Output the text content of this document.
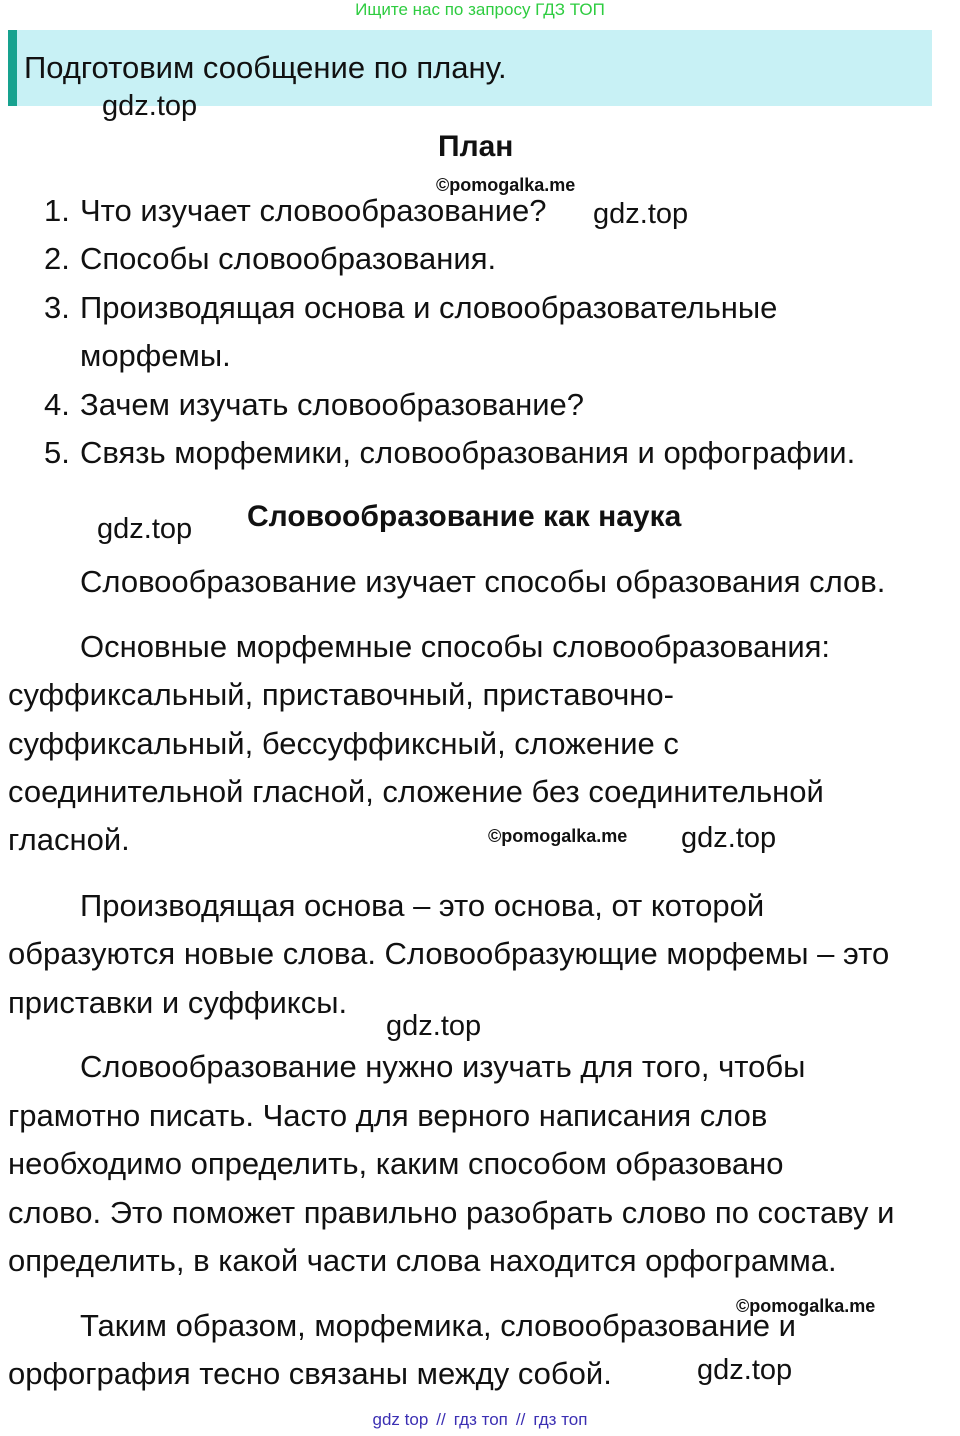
Ищите нас по запросу ГДЗ ТОП
Подготовим сообщение по плану.
gdz.top
План
©pomogalka.me
1. Что изучает словообразование? gdz.top
2. Способы словообразования.
3. Производящая основа и словообразовательные
морфемы.
4. Зачем изучать словообразование?
5. Связь морфемики, словообразования и орфографии.
gdz.top Словообразование как наука
Словообразование изучает способы образования слов.
Основные морфемные способы словообразования:
суффиксальный, приставочный, приставочно-
суффиксальный, бессуффиксный, сложение с
соединительной гласной, сложение без соединительной
гласной.	©pomogalka.me gdz.top
Производящая основа – это основа, от которой
образуются новые слова. Словообразующие морфемы – это
приставки и суффиксы.
gdz.top
Словообразование нужно изучать для того, чтобы
грамотно писать. Часто для верного написания слов
необходимо определить, каким способом образовано
слово. Это поможет правильно разобрать слово по составу и
определить, в какой части слова находится орфограмма.
©pomogalka.me
Таким образом, морфемика, словообразование и
орфография тесно связаны между собой.	gdz.top
gdz top // гдз топ // гдз топ
